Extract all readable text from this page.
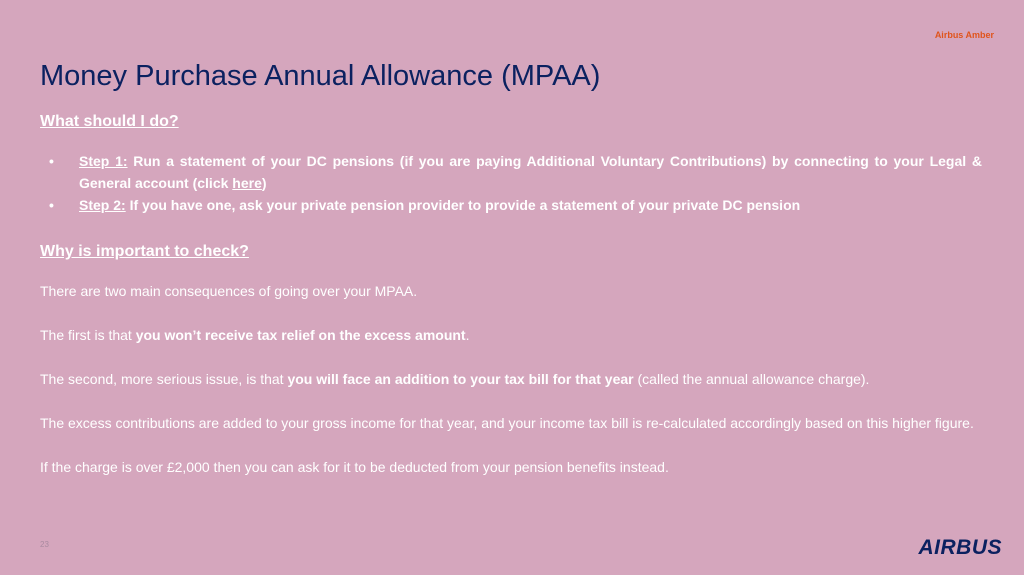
Airbus Amber
Money Purchase Annual Allowance (MPAA)

What should I do?

• Step 1: Run a statement of your DC pensions (if you are paying Additional Voluntary Contributions) by connecting to your Legal & General account (click here)
• Step 2: If you have one, ask your private pension provider to provide a statement of your private DC pension

Why is important to check?

There are two main consequences of going over your MPAA.

The first is that you won’t receive tax relief on the excess amount.

The second, more serious issue, is that you will face an addition to your tax bill for that year (called the annual allowance charge).

The excess contributions are added to your gross income for that year, and your income tax bill is re-calculated accordingly based on this higher figure.

If the charge is over £2,000 then you can ask for it to be deducted from your pension benefits instead.

23	AIRBUS
